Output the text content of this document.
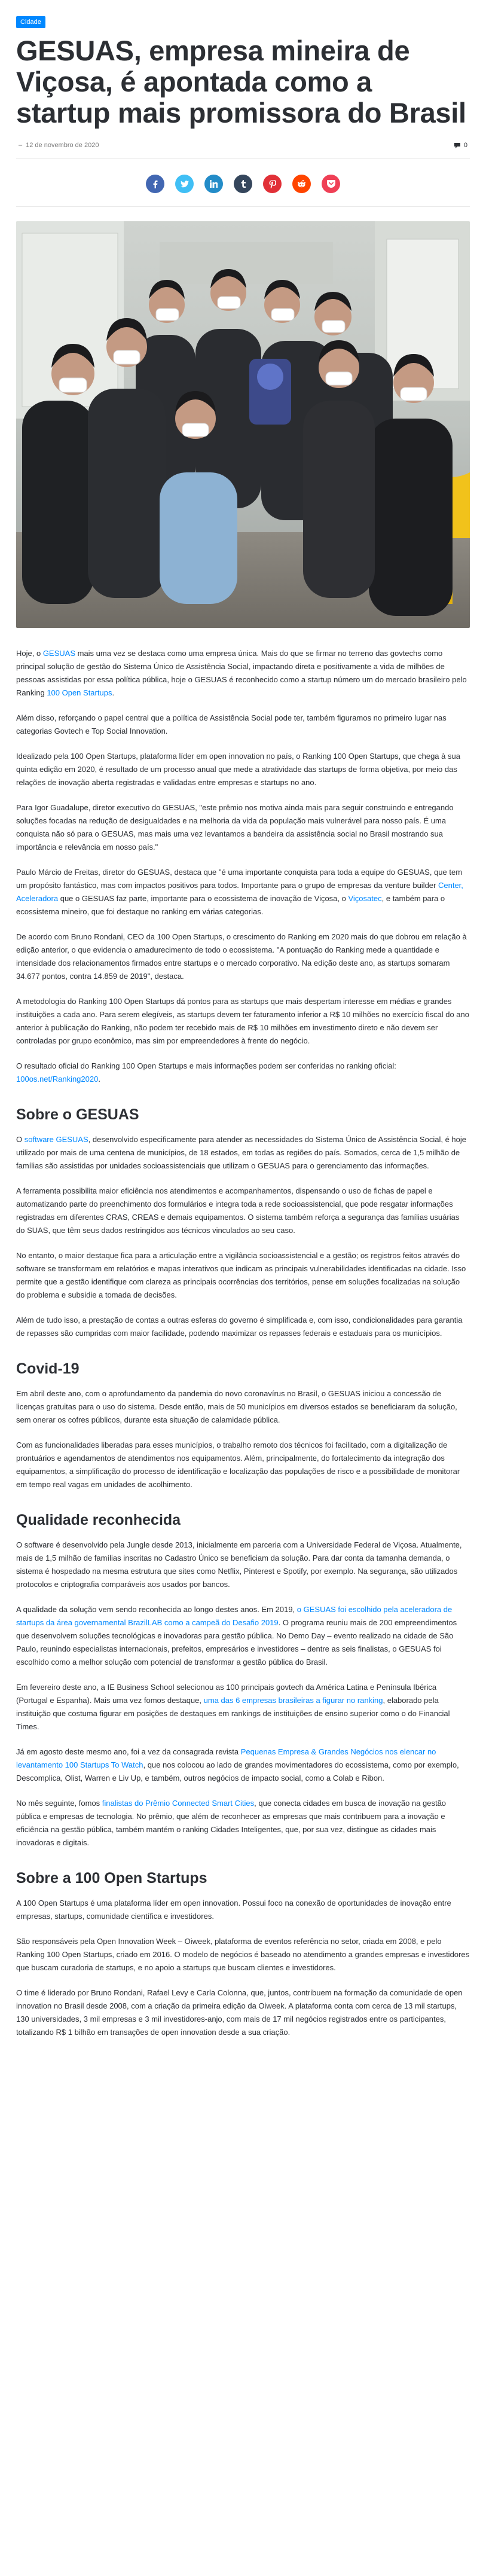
Cidade
GESUAS, empresa mineira de Viçosa, é apontada como a startup mais promissora do Brasil
– 12 de novembro de 2020	0

Hoje, o GESUAS mais uma vez se destaca como uma empresa única. Mais do que se firmar no terreno das govtechs como principal solução de gestão do Sistema Único de Assistência Social, impactando direta e positivamente a vida de milhões de pessoas assistidas por essa política pública, hoje o GESUAS é reconhecido como a startup número um do mercado brasileiro pelo Ranking 100 Open Startups.

Além disso, reforçando o papel central que a política de Assistência Social pode ter, também figuramos no primeiro lugar nas categorias Govtech e Top Social Innovation.

Idealizado pela 100 Open Startups, plataforma líder em open innovation no país, o Ranking 100 Open Startups, que chega à sua quinta edição em 2020, é resultado de um processo anual que mede a atratividade das startups de forma objetiva, por meio das relações de inovação aberta registradas e validadas entre empresas e startups no ano.

Para Igor Guadalupe, diretor executivo do GESUAS, "este prêmio nos motiva ainda mais para seguir construindo e entregando soluções focadas na redução de desigualdades e na melhoria da vida da população mais vulnerável para nosso país. É uma conquista não só para o GESUAS, mas mais uma vez levantamos a bandeira da assistência social no Brasil mostrando sua importância e relevância em nosso país."

Paulo Márcio de Freitas, diretor do GESUAS, destaca que "é uma importante conquista para toda a equipe do GESUAS, que tem um propósito fantástico, mas com impactos positivos para todos. Importante para o grupo de empresas da venture builder Center, Aceleradora que o GESUAS faz parte, importante para o ecossistema de inovação de Viçosa, o Viçosatec, e também para o ecossistema mineiro, que foi destaque no ranking em várias categorias.

De acordo com Bruno Rondani, CEO da 100 Open Startups, o crescimento do Ranking em 2020 mais do que dobrou em relação à edição anterior, o que evidencia o amadurecimento de todo o ecossistema. "A pontuação do Ranking mede a quantidade e intensidade dos relacionamentos firmados entre startups e o mercado corporativo. Na edição deste ano, as startups somaram 34.677 pontos, contra 14.859 de 2019", destaca.

A metodologia do Ranking 100 Open Startups dá pontos para as startups que mais despertam interesse em médias e grandes instituições a cada ano. Para serem elegíveis, as startups devem ter faturamento inferior a R$ 10 milhões no exercício fiscal do ano anterior à publicação do Ranking, não podem ter recebido mais de R$ 10 milhões em investimento direto e não devem ser controladas por grupo econômico, mas sim por empreendedores à frente do negócio.

O resultado oficial do Ranking 100 Open Startups e mais informações podem ser conferidas no ranking oficial: 100os.net/Ranking2020.

Sobre o GESUAS

O software GESUAS, desenvolvido especificamente para atender as necessidades do Sistema Único de Assistência Social, é hoje utilizado por mais de uma centena de municípios, de 18 estados, em todas as regiões do país. Somados, cerca de 1,5 milhão de famílias são assistidas por unidades socioassistenciais que utilizam o GESUAS para o gerenciamento das informações.

A ferramenta possibilita maior eficiência nos atendimentos e acompanhamentos, dispensando o uso de fichas de papel e automatizando parte do preenchimento dos formulários e integra toda a rede socioassistencial, que pode resgatar informações registradas em diferentes CRAS, CREAS e demais equipamentos. O sistema também reforça a segurança das famílias usuárias do SUAS, que têm seus dados restringidos aos técnicos vinculados ao seu caso.

No entanto, o maior destaque fica para a articulação entre a vigilância socioassistencial e a gestão; os registros feitos através do software se transformam em relatórios e mapas interativos que indicam as principais vulnerabilidades identificadas na cidade. Isso permite que a gestão identifique com clareza as principais ocorrências dos territórios, pense em soluções focalizadas na solução do problema e subsidie a tomada de decisões.

Além de tudo isso, a prestação de contas a outras esferas do governo é simplificada e, com isso, condicionalidades para garantia de repasses são cumpridas com maior facilidade, podendo maximizar os repasses federais e estaduais para os municípios.

Covid-19

Em abril deste ano, com o aprofundamento da pandemia do novo coronavírus no Brasil, o GESUAS iniciou a concessão de licenças gratuitas para o uso do sistema. Desde então, mais de 50 municípios em diversos estados se beneficiaram da solução, sem onerar os cofres públicos, durante esta situação de calamidade pública.

Com as funcionalidades liberadas para esses municípios, o trabalho remoto dos técnicos foi facilitado, com a digitalização de prontuários e agendamentos de atendimentos nos equipamentos. Além, principalmente, do fortalecimento da integração dos equipamentos, a simplificação do processo de identificação e localização das populações de risco e a possibilidade de monitorar em tempo real vagas em unidades de acolhimento.

Qualidade reconhecida

O software é desenvolvido pela Jungle desde 2013, inicialmente em parceria com a Universidade Federal de Viçosa. Atualmente, mais de 1,5 milhão de famílias inscritas no Cadastro Único se beneficiam da solução. Para dar conta da tamanha demanda, o sistema é hospedado na mesma estrutura que sites como Netflix, Pinterest e Spotify, por exemplo. Na segurança, são utilizados protocolos e criptografia comparáveis aos usados por bancos.

A qualidade da solução vem sendo reconhecida ao longo destes anos. Em 2019, o GESUAS foi escolhido pela aceleradora de startups da área governamental BrazilLAB como a campeã do Desafio 2019. O programa reuniu mais de 200 empreendimentos que desenvolvem soluções tecnológicas e inovadoras para gestão pública. No Demo Day – evento realizado na cidade de São Paulo, reunindo especialistas internacionais, prefeitos, empresários e investidores – dentre as seis finalistas, o GESUAS foi escolhido como a melhor solução com potencial de transformar a gestão pública do Brasil.

Em fevereiro deste ano, a IE Business School selecionou as 100 principais govtech da América Latina e Península Ibérica (Portugal e Espanha). Mais uma vez fomos destaque, uma das 6 empresas brasileiras a figurar no ranking, elaborado pela instituição que costuma figurar em posições de destaques em rankings de instituições de ensino superior como o do Financial Times.

Já em agosto deste mesmo ano, foi a vez da consagrada revista Pequenas Empresa & Grandes Negócios nos elencar no levantamento 100 Startups To Watch, que nos colocou ao lado de grandes movimentadores do ecossistema, como por exemplo, Descomplica, Olist, Warren e Liv Up, e também, outros negócios de impacto social, como a Colab e Ribon.

No mês seguinte, fomos finalistas do Prêmio Connected Smart Cities, que conecta cidades em busca de inovação na gestão pública e empresas de tecnologia. No prêmio, que além de reconhecer as empresas que mais contribuem para a inovação e eficiência na gestão pública, também mantém o ranking Cidades Inteligentes, que, por sua vez, distingue as cidades mais inovadoras e digitais.

Sobre a 100 Open Startups

A 100 Open Startups é uma plataforma líder em open innovation. Possui foco na conexão de oportunidades de inovação entre empresas, startups, comunidade científica e investidores.

São responsáveis pela Open Innovation Week – Oiweek, plataforma de eventos referência no setor, criada em 2008, e pelo Ranking 100 Open Startups, criado em 2016. O modelo de negócios é baseado no atendimento a grandes empresas e investidores que buscam curadoria de startups, e no apoio a startups que buscam clientes e investidores.

O time é liderado por Bruno Rondani, Rafael Levy e Carla Colonna, que, juntos, contribuem na formação da comunidade de open innovation no Brasil desde 2008, com a criação da primeira edição da Oiweek. A plataforma conta com cerca de 13 mil startups, 130 universidades, 3 mil empresas e 3 mil investidores-anjo, com mais de 17 mil negócios registrados entre os participantes, totalizando R$ 1 bilhão em transações de open innovation desde a sua criação.
